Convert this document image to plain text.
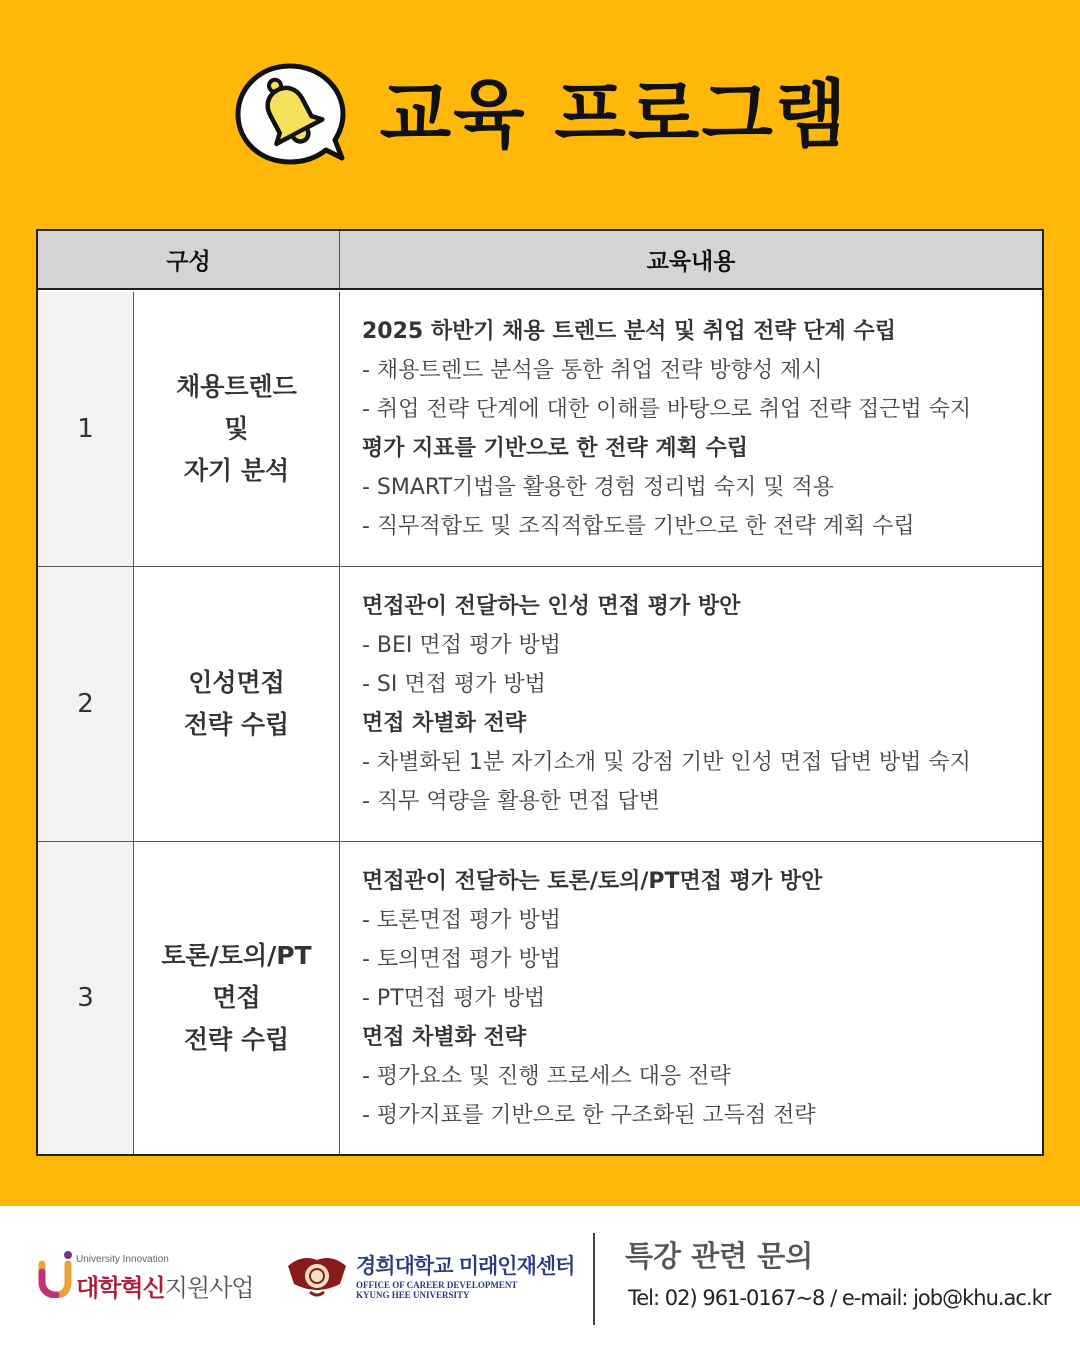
교육 프로그램
구성	교육내용
1
채용트렌드
및
자기 분석
2025 하반기 채용 트렌드 분석 및 취업 전략 단계 수립
- 채용트렌드 분석을 통한 취업 전략 방향성 제시
- 취업 전략 단계에 대한 이해를 바탕으로 취업 전략 접근법 숙지
평가 지표를 기반으로 한 전략 계획 수립
- SMART기법을 활용한 경험 정리법 숙지 및 적용
- 직무적합도 및 조직적합도를 기반으로 한 전략 계획 수립
2
인성면접
전략 수립
면접관이 전달하는 인성 면접 평가 방안
- BEI 면접 평가 방법
- SI 면접 평가 방법
면접 차별화 전략
- 차별화된 1분 자기소개 및 강점 기반 인성 면접 답변 방법 숙지
- 직무 역량을 활용한 면접 답변
3
토론/토의/PT
면접
전략 수립
면접관이 전달하는 토론/토의/PT면접 평가 방안
- 토론면접 평가 방법
- 토의면접 평가 방법
- PT면접 평가 방법
면접 차별화 전략
- 평가요소 및 진행 프로세스 대응 전략
- 평가지표를 기반으로 한 구조화된 고득점 전략
University Innovation
대학혁신지원사업
경희대학교 미래인재센터
OFFICE OF CAREER DEVELOPMENT
KYUNG HEE UNIVERSITY
특강 관련 문의
Tel: 02) 961-0167~8 / e-mail: job@khu.ac.kr
